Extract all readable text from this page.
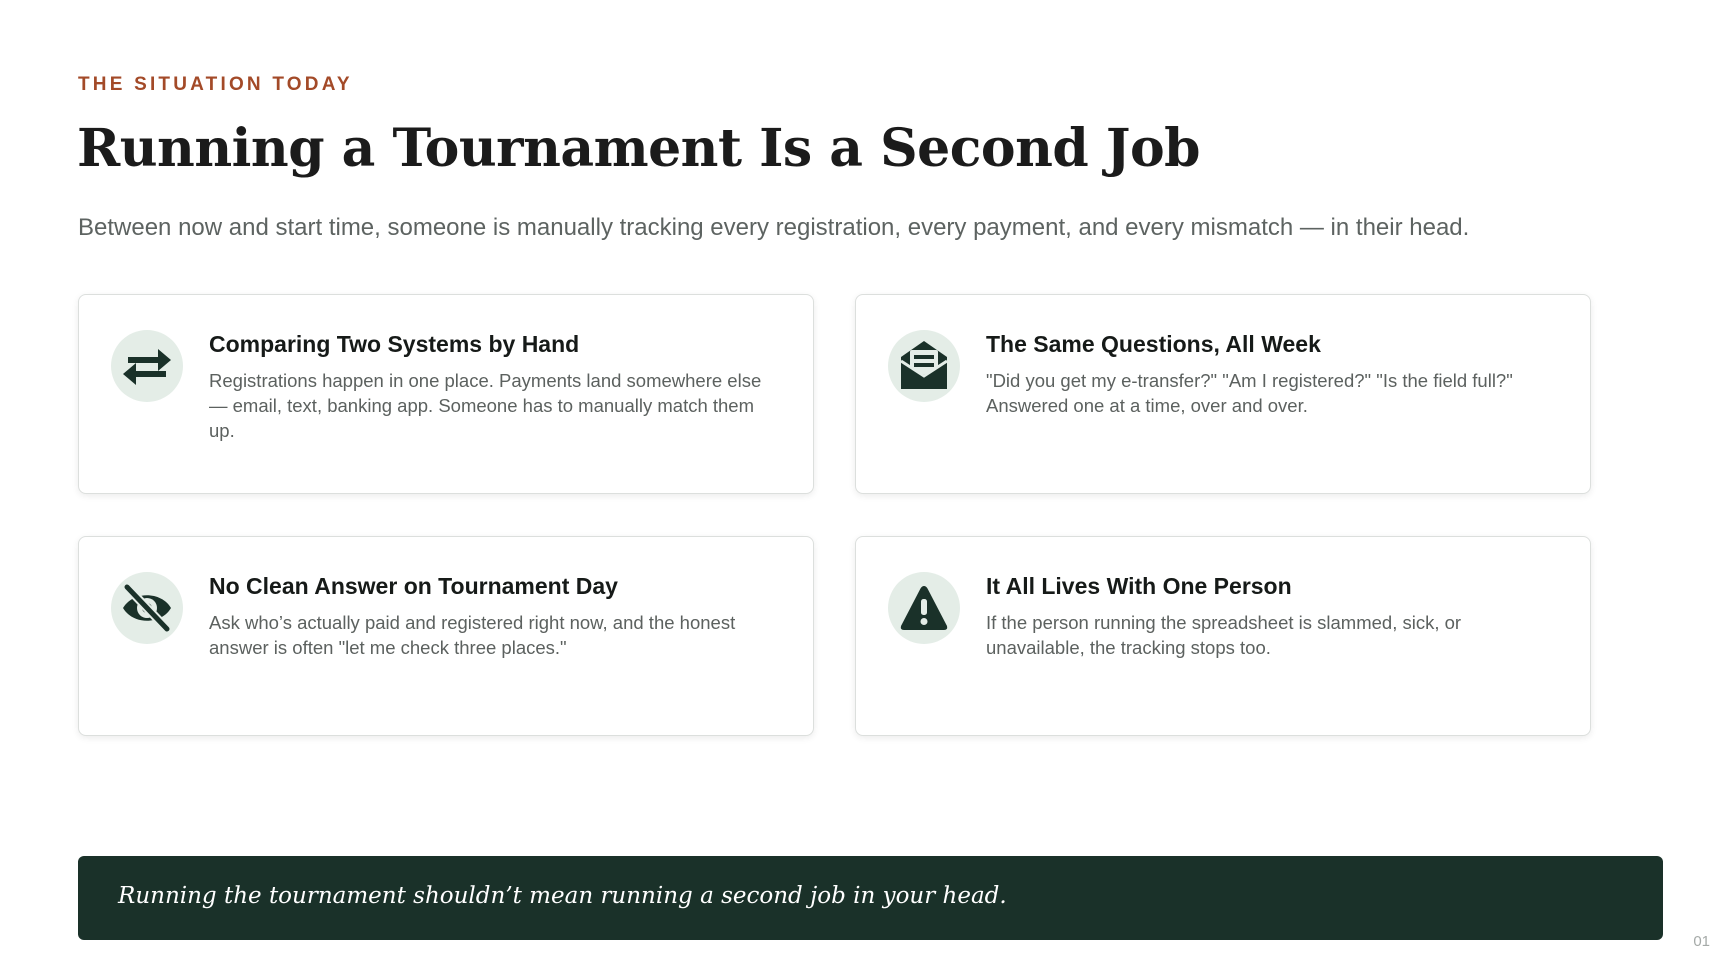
THE SITUATION TODAY
Running a Tournament Is a Second Job
Between now and start time, someone is manually tracking every registration, every payment, and every mismatch — in their head.
Comparing Two Systems by Hand
Registrations happen in one place. Payments land somewhere else — email, text, banking app. Someone has to manually match them up.
The Same Questions, All Week
"Did you get my e-transfer?" "Am I registered?" "Is the field full?" Answered one at a time, over and over.
No Clean Answer on Tournament Day
Ask who’s actually paid and registered right now, and the honest answer is often "let me check three places."
It All Lives With One Person
If the person running the spreadsheet is slammed, sick, or unavailable, the tracking stops too.
Running the tournament shouldn’t mean running a second job in your head.
01
